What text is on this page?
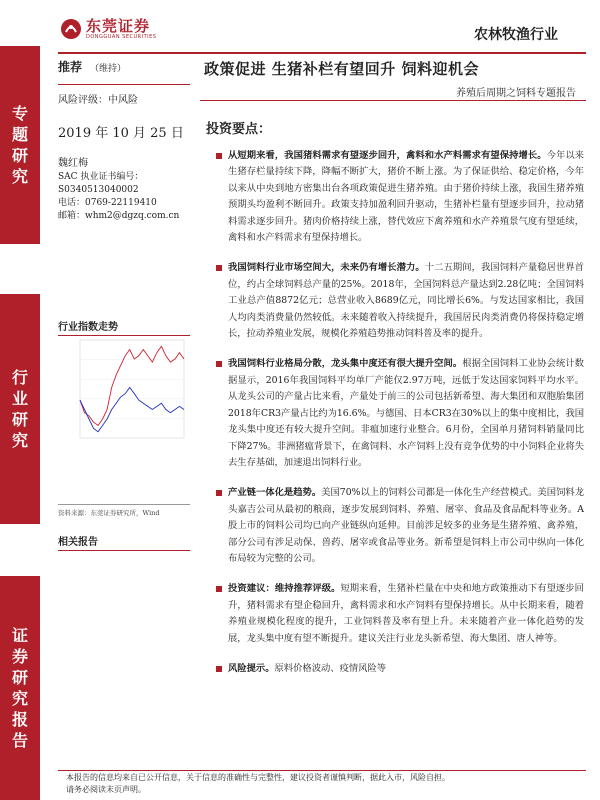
东莞证券
DONGGUAN SECURITIES	农林牧渔行业
专题研究
行业研究
证券研究报告
推荐 （维持）
风险评级：中风险
2019 年 10 月 25 日
魏红梅
SAC 执业证书编号：
S0340513040002
电话：0769-22119410
邮箱：whm2@dgzq.com.cn
行业指数走势
资料来源：东莞证券研究所，Wind
相关报告
政策促进 生猪补栏有望回升 饲料迎机会
养殖后周期之饲料专题报告
投资要点：
从短期来看，我国猪料需求有望逐步回升，禽料和水产料需求有望保持增长。今年以来生猪存栏量持续下降，降幅不断扩大，猪价不断上涨。为了保证供给、稳定价格，今年以来从中央到地方密集出台各项政策促进生猪养殖。由于猪价持续上涨，我国生猪养殖预期头均盈利不断回升。政策支持加盈利回升驱动，生猪补栏量有望逐步回升，拉动猪料需求逐步回升。猪肉价格持续上涨，替代效应下禽养殖和水产养殖景气度有望延续，禽料和水产料需求有望保持增长。
我国饲料行业市场空间大，未来仍有增长潜力。十二五期间，我国饲料产量稳居世界首位，约占全球饲料总产量的25%。2018年，全国饲料总产量达到2.28亿吨；全国饲料工业总产值8872亿元；总营业收入8689亿元，同比增长6%。与发达国家相比，我国人均肉类消费量仍然较低。未来随着收入持续提升，我国居民肉类消费仍将保持稳定增长，拉动养殖业发展，规模化养殖趋势推动饲料普及率的提升。
我国饲料行业格局分散，龙头集中度还有很大提升空间。根据全国饲料工业协会统计数据显示，2016年我国饲料平均单厂产能仅2.97万吨，远低于发达国家饲料平均水平。从龙头公司的产量占比来看，产量处于前三的公司包括新希望、海大集团和双胞胎集团2018年CR3产量占比约为16.6%。与德国、日本CR3在30%以上的集中度相比，我国龙头集中度还有较大提升空间。非瘟加速行业整合。6月份，全国单月猪饲料销量同比下降27%。非洲猪瘟背景下，在禽饲料、水产饲料上没有竞争优势的中小饲料企业将失去生存基础，加速退出饲料行业。
产业链一体化是趋势。美国70%以上的饲料公司都是一体化生产经营模式。美国饲料龙头嘉吉公司从最初的粮商，逐步发展到饲料、养殖、屠宰、食品及食品配料等业务。A股上市的饲料公司均已向产业链纵向延伸。目前涉足较多的业务是生猪养殖、禽养殖，部分公司有涉足动保、兽药、屠宰或食品等业务。新希望是饲料上市公司中纵向一体化布局较为完整的公司。
投资建议：维持推荐评级。短期来看，生猪补栏量在中央和地方政策推动下有望逐步回升，猪料需求有望企稳回升，禽料需求和水产饲料有望保持增长。从中长期来看，随着养殖业规模化程度的提升，工业饲料普及率有望上升。未来随着产业一体化趋势的发展，龙头集中度有望不断提升。建议关注行业龙头新希望、海大集团、唐人神等。
风险提示。原料价格波动、疫情风险等
本报告的信息均来自已公开信息，关于信息的准确性与完整性，建议投资者谨慎判断，据此入市，风险自担。
请务必阅读末页声明。
